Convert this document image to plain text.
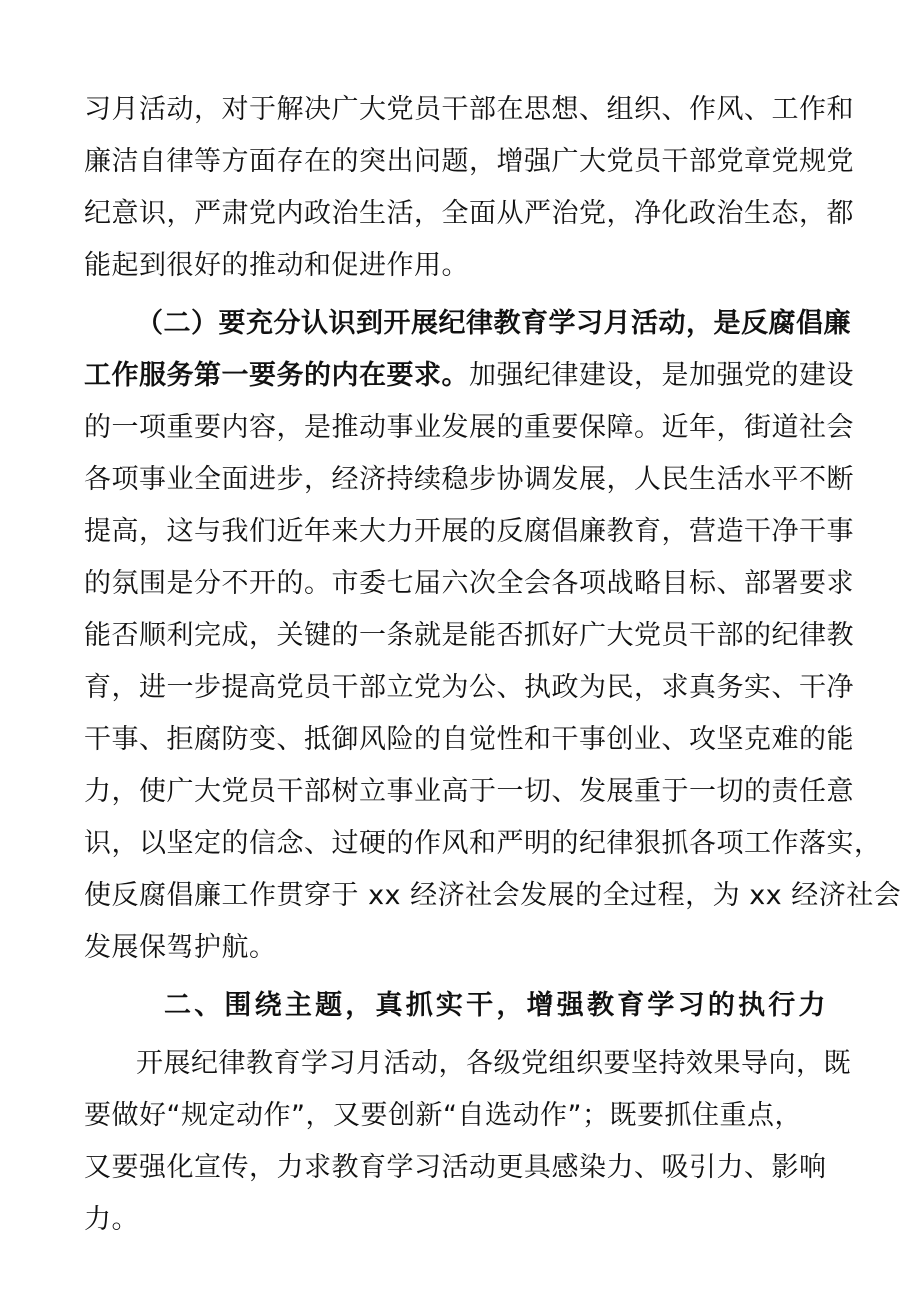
习月活动，对于解决广大党员干部在思想、组织、作风、工作和
廉洁自律等方面存在的突出问题，增强广大党员干部党章党规党
纪意识，严肃党内政治生活，全面从严治党，净化政治生态，都
能起到很好的推动和促进作用。
（二）要充分认识到开展纪律教育学习月活动，是反腐倡廉
工作服务第一要务的内在要求。加强纪律建设，是加强党的建设
的一项重要内容，是推动事业发展的重要保障。近年，街道社会
各项事业全面进步，经济持续稳步协调发展，人民生活水平不断
提高，这与我们近年来大力开展的反腐倡廉教育，营造干净干事
的氛围是分不开的。市委七届六次全会各项战略目标、部署要求
能否顺利完成，关键的一条就是能否抓好广大党员干部的纪律教
育，进一步提高党员干部立党为公、执政为民，求真务实、干净
干事、拒腐防变、抵御风险的自觉性和干事创业、攻坚克难的能
力，使广大党员干部树立事业高于一切、发展重于一切的责任意
识，以坚定的信念、过硬的作风和严明的纪律狠抓各项工作落实，
使反腐倡廉工作贯穿于 xx 经济社会发展的全过程，为 xx 经济社会
发展保驾护航。
二、围绕主题，真抓实干，增强教育学习的执行力
开展纪律教育学习月活动，各级党组织要坚持效果导向，既
要做好“规定动作”，又要创新“自选动作”；既要抓住重点，
又要强化宣传，力求教育学习活动更具感染力、吸引力、影响
力。
